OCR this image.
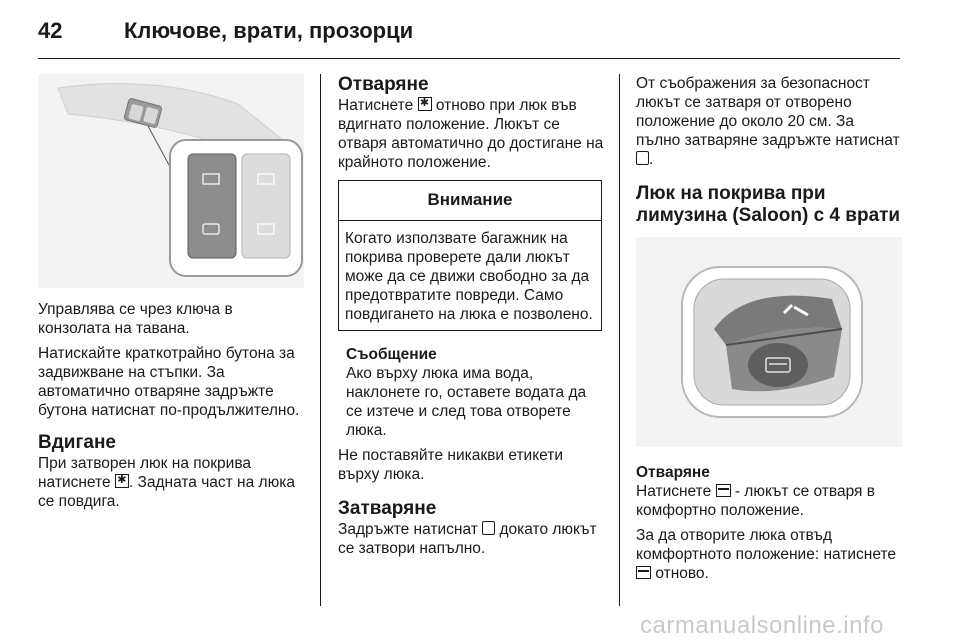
42	Ключове, врати, прозорци

Управлява се чрез ключа в конзолата на тавана.

Натискайте краткотрайно бутона за задвижване на стъпки. За автоматично отваряне задръжте бутона натиснат по-продължително.

Вдигане

При затворен люк на покрива натиснете ✱ . Задната част на люка се повдига.

Отваряне

Натиснете ✱ отново при люк във вдигнато положение. Люкът се отваря автоматично до достигане на крайното положение.

Внимание
Когато използвате багажник на покрива проверете дали люкът може да се движи свободно за да предотвратите повреди. Само повдигането на люка е позволено.
Съобщение

Ако върху люка има вода, наклонете го, оставете водата да се изтече и след това отворете люка.

Не поставяйте никакви етикети върху люка.

Затваряне

Задръжте натиснат докато люкът се затвори напълно.

От съображения за безопасност люкът се затваря от отворено положение до около 20 см. За пълно затваряне задръжте натиснат .

Люк на покрива при лимузина (Saloon) с 4 врати
Отваряне

Натиснете - люкът се отваря в комфортно положение.

За да отворите люка отвъд комфортното положение: натиснете  отново.

carmanualsonline.info
